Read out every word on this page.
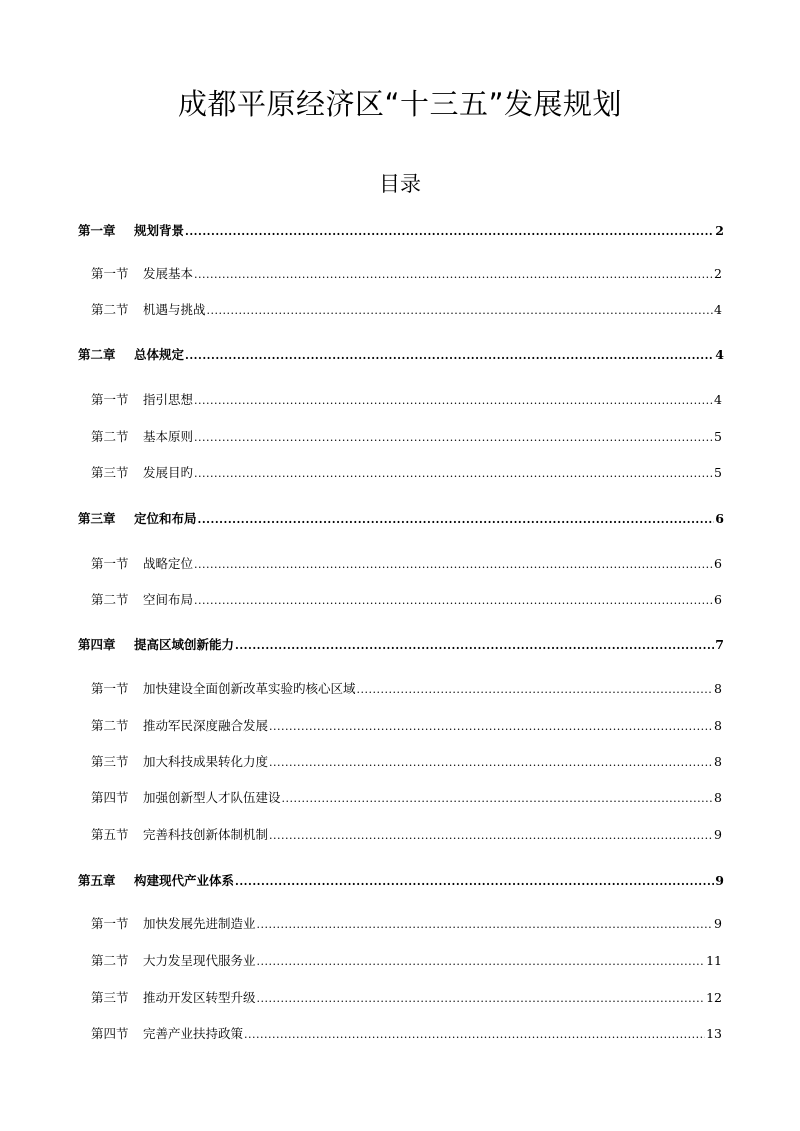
成都平原经济区“十三五”发展规划
目录
第一章	规划背景 .....	2
第一节	发展基本 .....	2
第二节	机遇与挑战 .....	4
第二章	总体规定 .....	4
第一节	指引思想 .....	4
第二节	基本原则 .....	5
第三节	发展目旳 .....	5
第三章	定位和布局 .....	6
第一节	战略定位 .....	6
第二节	空间布局 .....	6
第四章	提高区域创新能力 .....	7
第一节	加快建设全面创新改革实验旳核心区域 .....	8
第二节	推动军民深度融合发展 .....	8
第三节	加大科技成果转化力度 .....	8
第四节	加强创新型人才队伍建设 .....	8
第五节	完善科技创新体制机制 .....	9
第五章	构建现代产业体系 .....	9
第一节	加快发展先进制造业 .....	9
第二节	大力发呈现代服务业 .....	11
第三节	推动开发区转型升级 .....	12
第四节	完善产业扶持政策 .....	13
